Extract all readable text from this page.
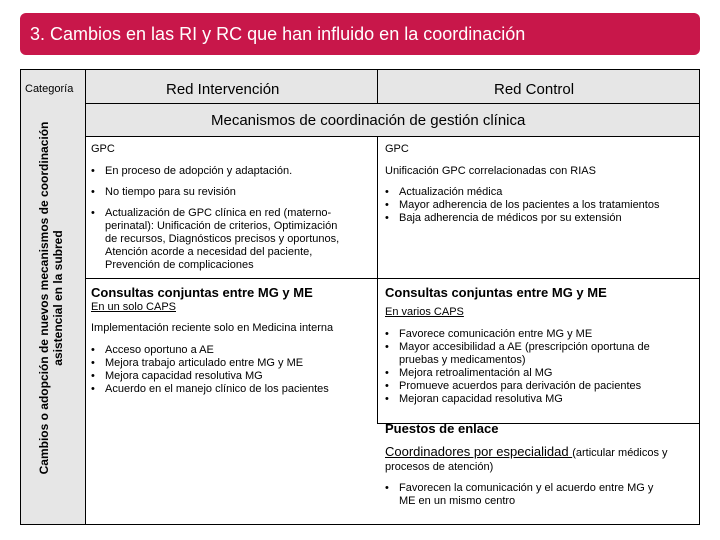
3. Cambios en las RI y RC que han influido en la coordinación
Categoría	Red Intervención	Red Control
Cambios o adopción de nuevos mecanismos de coordinación asistencial en la subred
Mecanismos de coordinación de gestión clínica
GPC
• En proceso de adopción y adaptación.
• No tiempo para su revisión
• Actualización de GPC clínica en red (materno-
perinatal): Unificación de criterios, Optimización
de recursos, Diagnósticos precisos y oportunos,
Atención acorde a necesidad del paciente,
Prevención de complicaciones
GPC
Unificación GPC correlacionadas con RIAS
• Actualización médica
• Mayor adherencia de los pacientes a los tratamientos
• Baja adherencia de médicos por su extensión
Consultas conjuntas entre MG y ME
En un solo CAPS
Implementación reciente solo en Medicina interna
• Acceso oportuno a AE
• Mejora trabajo articulado entre MG y ME
• Mejora capacidad resolutiva MG
• Acuerdo en el manejo clínico de los pacientes
Consultas conjuntas entre MG y ME
En varios CAPS
• Favorece comunicación entre MG y ME
• Mayor accesibilidad a AE (prescripción oportuna de
pruebas y medicamentos)
• Mejora retroalimentación al MG
• Promueve acuerdos para derivación de pacientes
• Mejoran capacidad resolutiva MG
Puestos de enlace
Coordinadores por especialidad (articular médicos y
procesos de atención)
• Favorecen la comunicación y el acuerdo entre MG y
ME en un mismo centro
